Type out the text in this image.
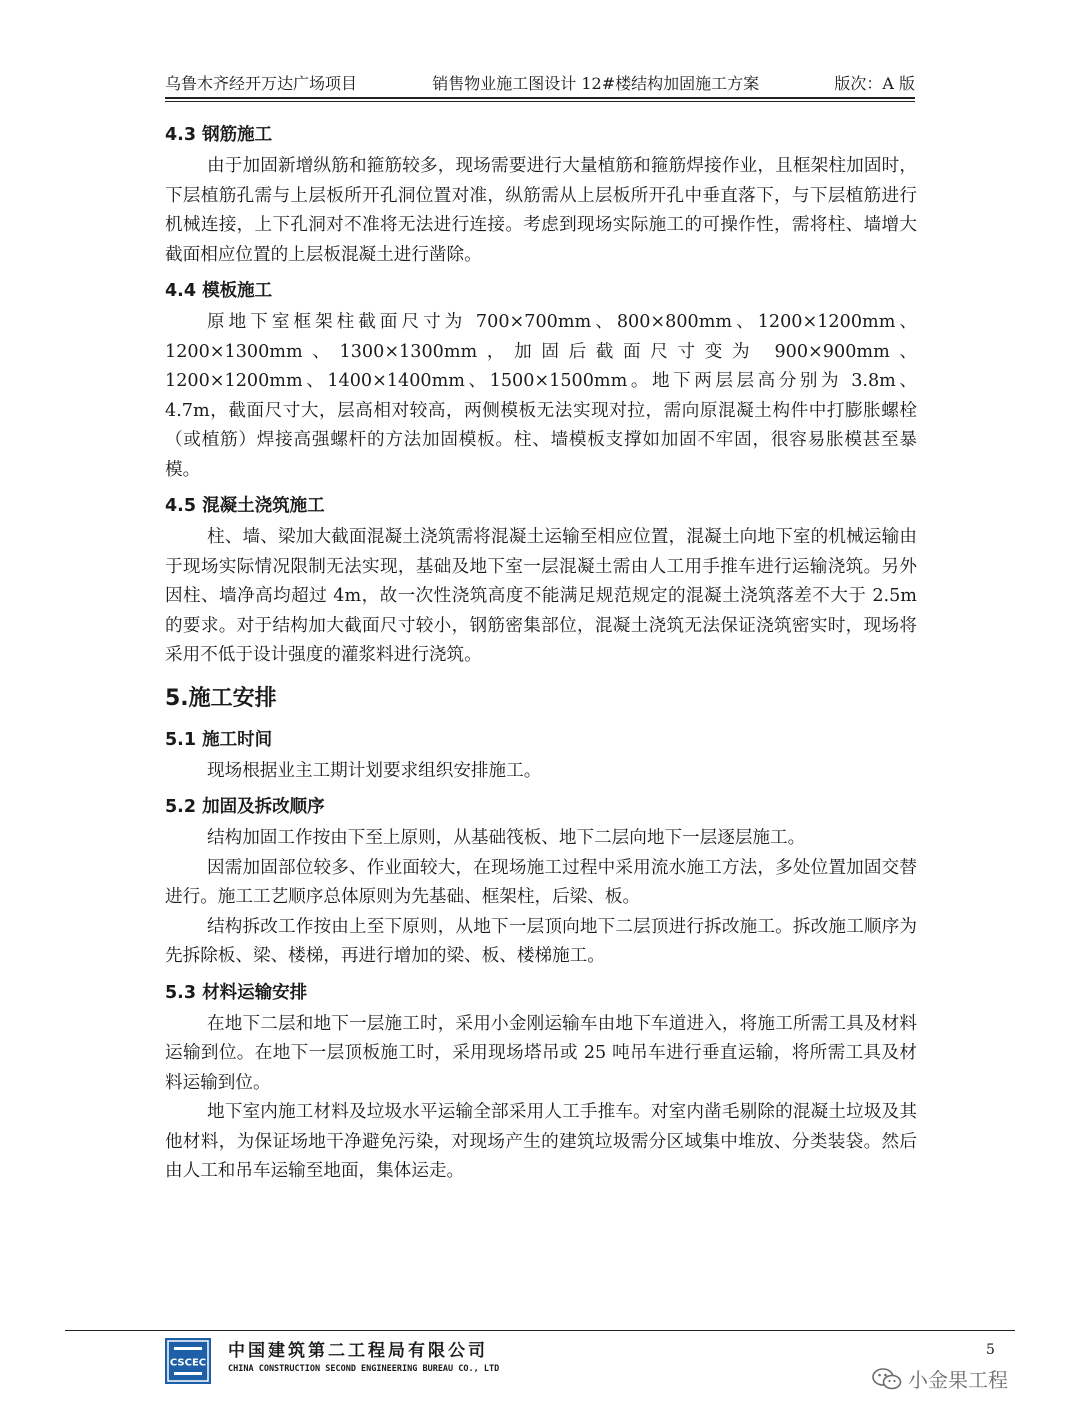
乌鲁木齐经开万达广场项目	销售物业施工图设计 12#楼结构加固施工方案	版次：A 版
4.3 钢筋施工

由于加固新增纵筋和箍筋较多，现场需要进行大量植筋和箍筋焊接作业，且框架柱加固时，下层植筋孔需与上层板所开孔洞位置对准，纵筋需从上层板所开孔中垂直落下，与下层植筋进行机械连接，上下孔洞对不准将无法进行连接。考虑到现场实际施工的可操作性，需将柱、墙增大截面相应位置的上层板混凝土进行凿除。

4.4 模板施工

原地下室框架柱截面尺寸为 700×700mm、800×800mm、1200×1200mm、1200×1300mm、1300×1300mm，加固后截面尺寸变为 900×900mm、1200×1200mm、1400×1400mm、1500×1500mm。地下两层层高分别为 3.8m、4.7m，截面尺寸大，层高相对较高，两侧模板无法实现对拉，需向原混凝土构件中打膨胀螺栓（或植筋）焊接高强螺杆的方法加固模板。柱、墙模板支撑如加固不牢固，很容易胀模甚至暴模。

4.5 混凝土浇筑施工

柱、墙、梁加大截面混凝土浇筑需将混凝土运输至相应位置，混凝土向地下室的机械运输由于现场实际情况限制无法实现，基础及地下室一层混凝土需由人工用手推车进行运输浇筑。另外因柱、墙净高均超过 4m，故一次性浇筑高度不能满足规范规定的混凝土浇筑落差不大于 2.5m 的要求。对于结构加大截面尺寸较小，钢筋密集部位，混凝土浇筑无法保证浇筑密实时，现场将采用不低于设计强度的灌浆料进行浇筑。

5.施工安排
5.1 施工时间

现场根据业主工期计划要求组织安排施工。

5.2 加固及拆改顺序

结构加固工作按由下至上原则，从基础筏板、地下二层向地下一层逐层施工。

因需加固部位较多、作业面较大，在现场施工过程中采用流水施工方法，多处位置加固交替进行。施工工艺顺序总体原则为先基础、框架柱，后梁、板。

结构拆改工作按由上至下原则，从地下一层顶向地下二层顶进行拆改施工。拆改施工顺序为先拆除板、梁、楼梯，再进行增加的梁、板、楼梯施工。

5.3 材料运输安排

在地下二层和地下一层施工时，采用小金刚运输车由地下车道进入，将施工所需工具及材料运输到位。在地下一层顶板施工时，采用现场塔吊或 25 吨吊车进行垂直运输，将所需工具及材料运输到位。

地下室内施工材料及垃圾水平运输全部采用人工手推车。对室内凿毛剔除的混凝土垃圾及其他材料，为保证场地干净避免污染，对现场产生的建筑垃圾需分区域集中堆放、分类装袋。然后由人工和吊车运输至地面，集体运走。

CSCEC
中国建筑第二工程局有限公司
CHINA CONSTRUCTION SECOND ENGINEERING BUREAU CO., LTD
5
小金果工程
